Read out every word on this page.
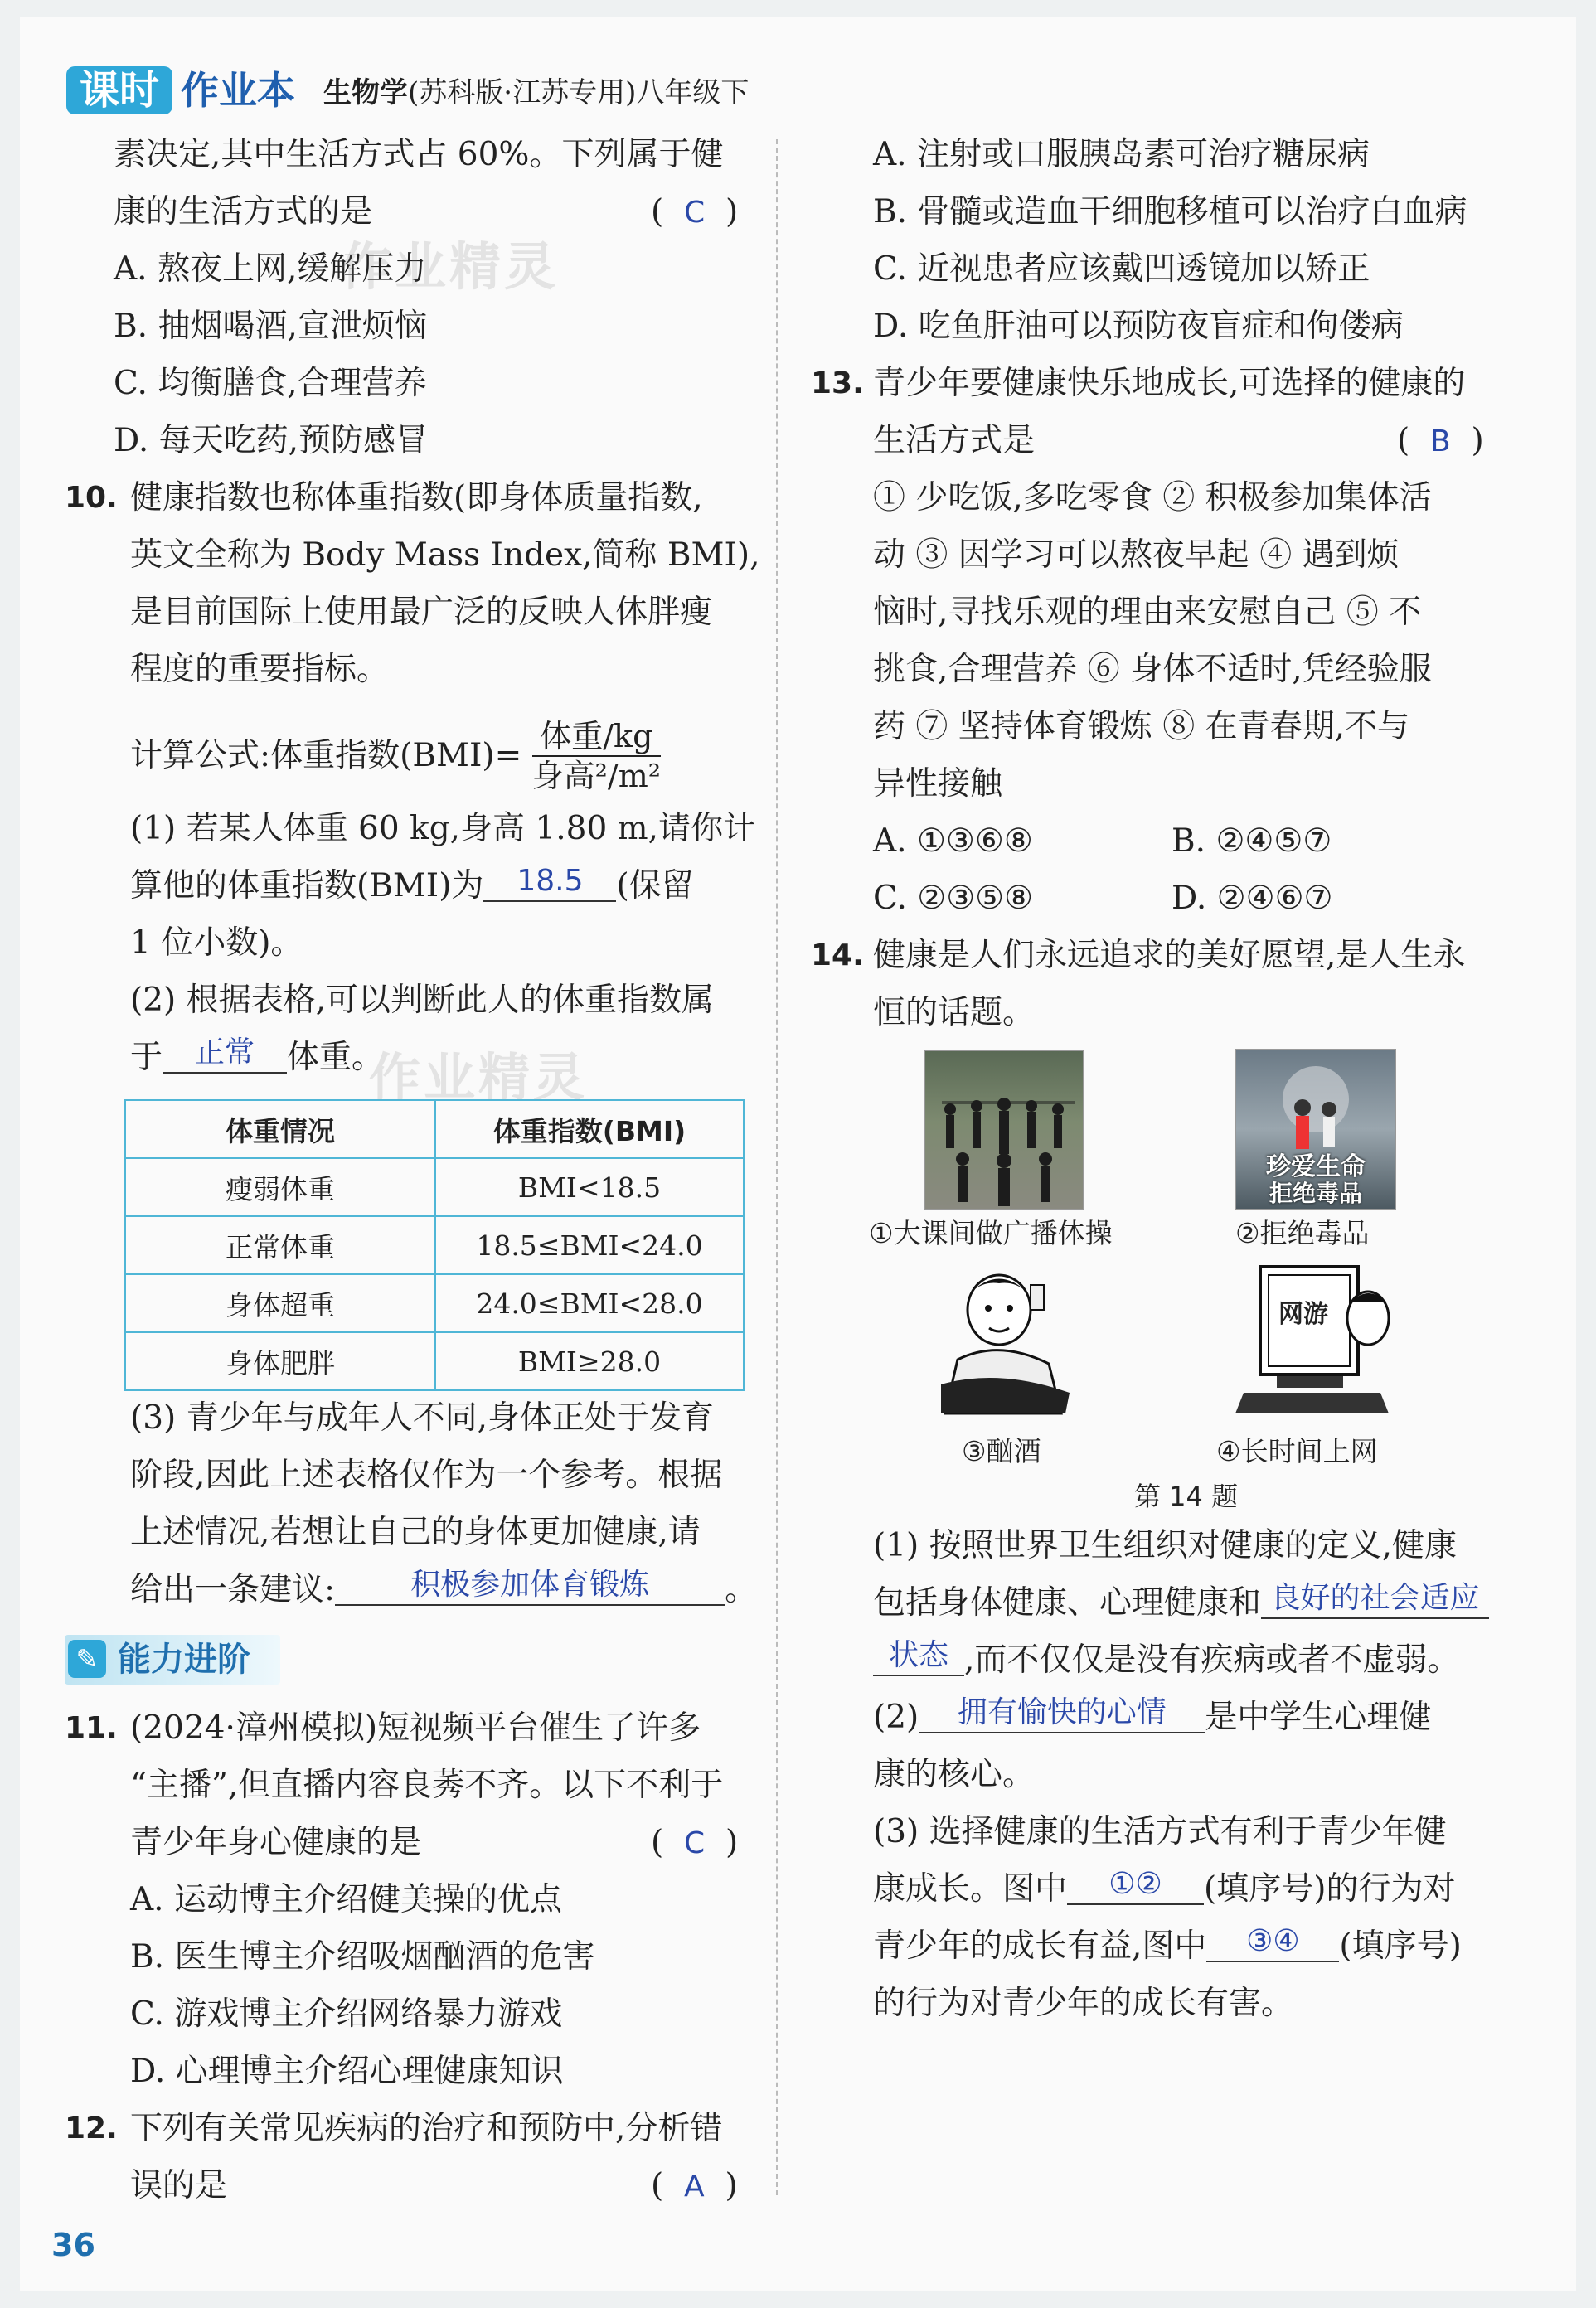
课时 作业本 生物学(苏科版·江苏专用)八年级下
素决定,其中生活方式占 60%。下列属于健
康的生活方式的是	(  C  )
A. 熬夜上网,缓解压力
B. 抽烟喝酒,宣泄烦恼
C. 均衡膳食,合理营养
D. 每天吃药,预防感冒
作业精灵
10. 健康指数也称体重指数(即身体质量指数,
英文全称为 Body Mass Index,简称 BMI),
是目前国际上使用最广泛的反映人体胖瘦
程度的重要指标。
计算公式:体重指数$(BMI)= \frac{\text{体重/kg}}{\text{身高²/m²}}$
(1) 若某人体重 60 kg,身高 1.80 m,请你计
算他的体重指数(BMI)为 18.5 (保留
1 位小数)。
(2) 根据表格,可以判断此人的体重指数属
于 正常 体重。
作业精灵
体重情况	体重指数(BMI)
瘦弱体重	BMI<18.5
正常体重	18.5≤BMI<24.0
身体超重	24.0≤BMI<28.0
身体肥胖	BMI≥28.0
(3) 青少年与成年人不同,身体正处于发育
阶段,因此上述表格仅作为一个参考。根据
上述情况,若想让自己的身体更加健康,请
给出一条建议:	积极参加体育锻炼 。
✎ 能力进阶
11. (2024·漳州模拟)短视频平台催生了许多
“主播”,但直播内容良莠不齐。以下不利于
青少年身心健康的是	(  C  )
A. 运动博主介绍健美操的优点
B. 医生博主介绍吸烟酗酒的危害
C. 游戏博主介绍网络暴力游戏
D. 心理博主介绍心理健康知识
12. 下列有关常见疾病的治疗和预防中,分析错
误的是	(  A  )
36
A. 注射或口服胰岛素可治疗糖尿病
B. 骨髓或造血干细胞移植可以治疗白血病
C. 近视患者应该戴凹透镜加以矫正
D. 吃鱼肝油可以预防夜盲症和佝偻病
13. 青少年要健康快乐地成长,可选择的健康的
生活方式是	(  B  )
① 少吃饭,多吃零食 ② 积极参加集体活
动 ③ 因学习可以熬夜早起 ④ 遇到烦
恼时,寻找乐观的理由来安慰自己 ⑤ 不
挑食,合理营养 ⑥ 身体不适时,凭经验服
药 ⑦ 坚持体育锻炼 ⑧ 在青春期,不与
异性接触
A. ①③⑥⑧	B. ②④⑤⑦
C. ②③⑤⑧	D. ②④⑥⑦
14. 健康是人们永远追求的美好愿望,是人生永
恒的话题。
①大课间做广播体操
珍爱生命
拒绝毒品
②拒绝毒品
③酗酒
网游
④长时间上网
第 14 题
(1) 按照世界卫生组织对健康的定义,健康
包括身体健康、心理健康和 良好的社会适应
状态 ,而不仅仅是没有疾病或者不虚弱。
(2) 拥有愉快的心情 是中学生心理健
康的核心。
(3) 选择健康的生活方式有利于青少年健
康成长。图中 ①② (填序号)的行为对
青少年的成长有益,图中 ③④ (填序号)
的行为对青少年的成长有害。
